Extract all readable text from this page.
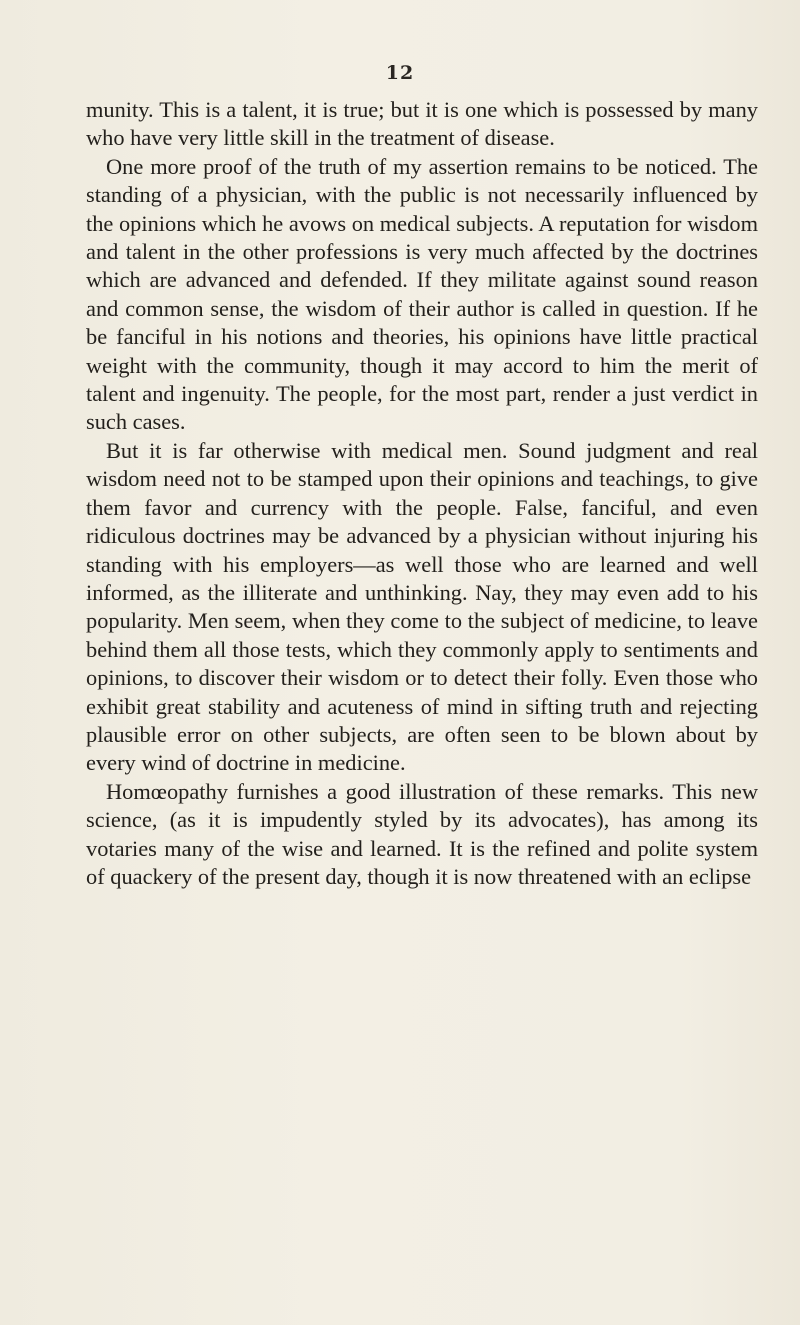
12

munity. This is a talent, it is true; but it is one which is possessed by many who have very little skill in the treatment of disease.

One more proof of the truth of my assertion remains to be noticed. The standing of a physician, with the public is not necessarily influenced by the opinions which he avows on medical subjects. A reputation for wisdom and talent in the other professions is very much affected by the doctrines which are advanced and defended. If they militate against sound reason and common sense, the wisdom of their author is called in question. If he be fanciful in his notions and theories, his opinions have little practical weight with the community, though it may accord to him the merit of talent and ingenuity. The people, for the most part, render a just verdict in such cases.

But it is far otherwise with medical men. Sound judgment and real wisdom need not to be stamped upon their opinions and teachings, to give them favor and currency with the people. False, fanciful, and even ridiculous doctrines may be advanced by a physician without injuring his standing with his employers—as well those who are learned and well informed, as the illiterate and unthinking. Nay, they may even add to his popularity. Men seem, when they come to the subject of medicine, to leave behind them all those tests, which they commonly apply to sentiments and opinions, to discover their wisdom or to detect their folly. Even those who exhibit great stability and acuteness of mind in sifting truth and rejecting plausible error on other subjects, are often seen to be blown about by every wind of doctrine in medicine.

Homœopathy furnishes a good illustration of these remarks. This new science, (as it is impudently styled by its advocates), has among its votaries many of the wise and learned. It is the refined and polite system of quackery of the present day, though it is now threatened with an eclipse
